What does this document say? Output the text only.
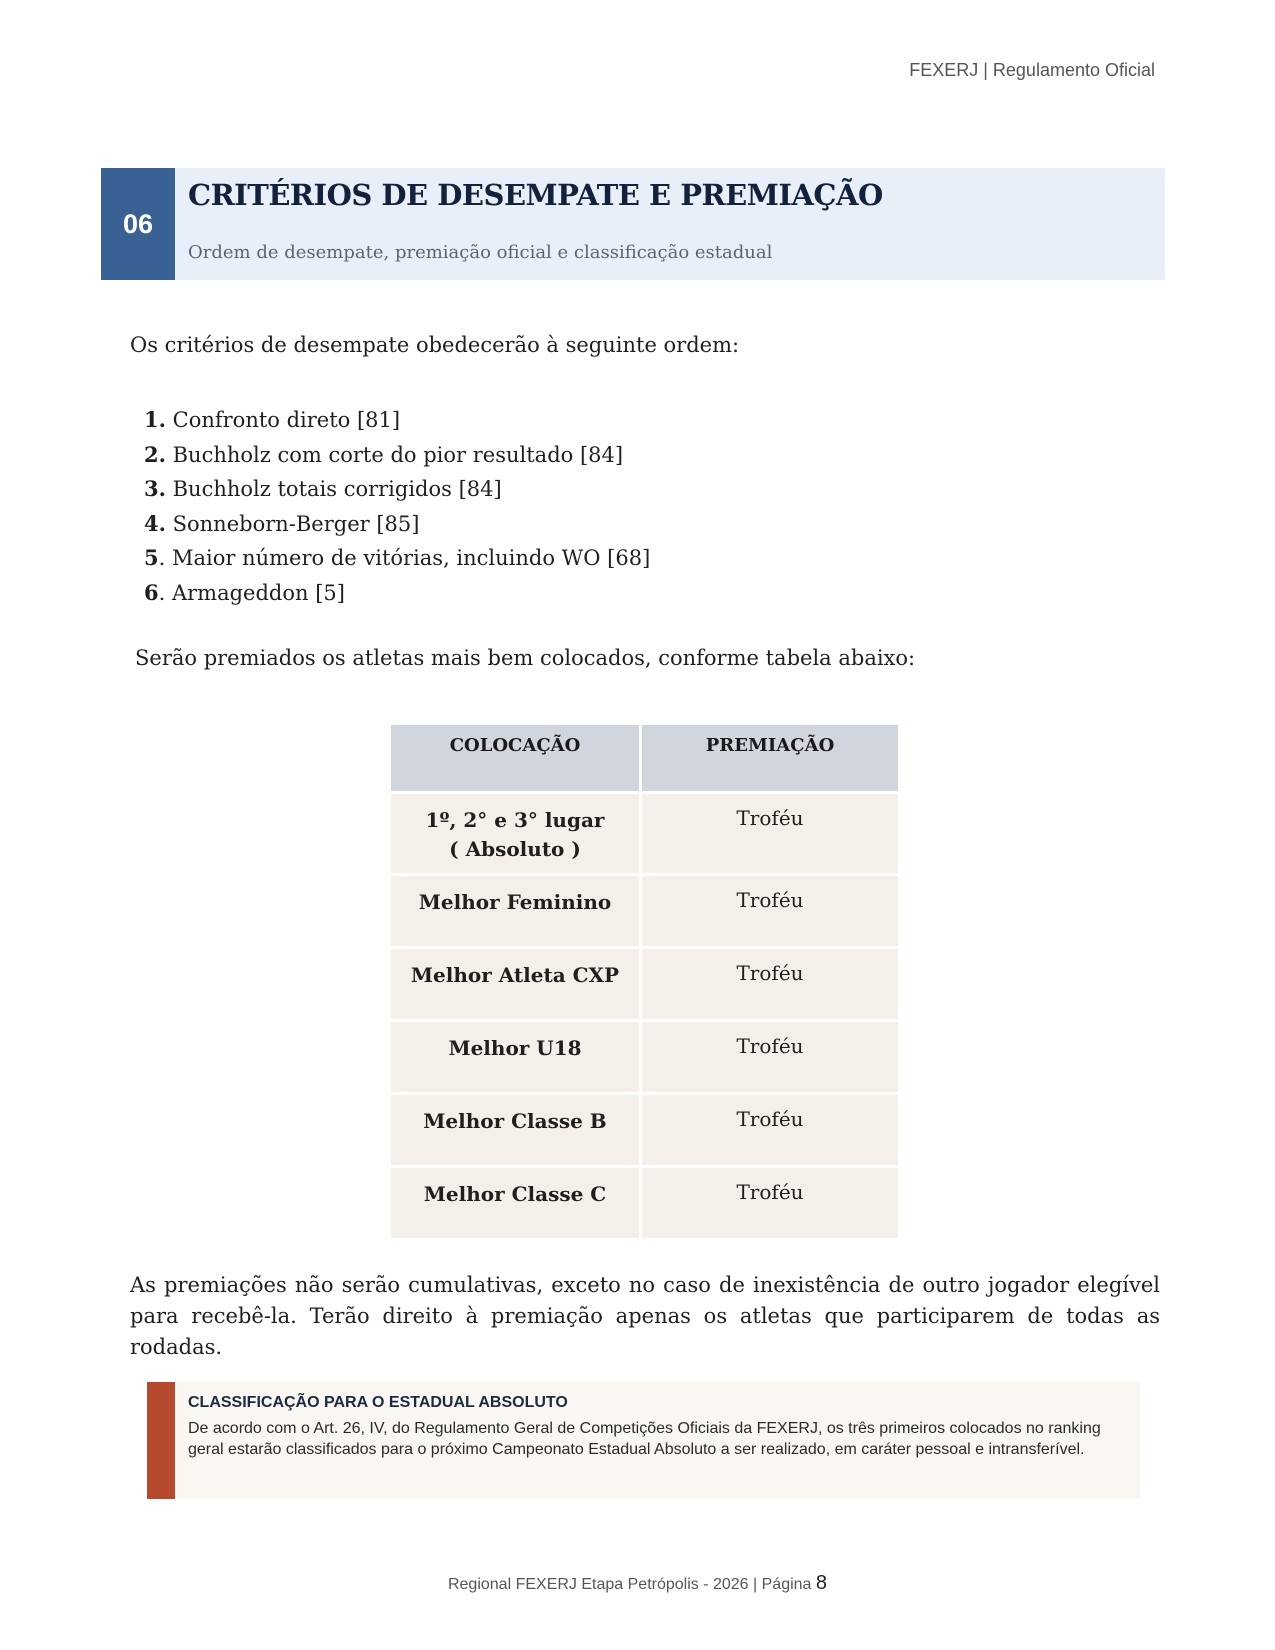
FEXERJ | Regulamento Oficial
06
CRITÉRIOS DE DESEMPATE E PREMIAÇÃO
Ordem de desempate, premiação oficial e classificação estadual
Os critérios de desempate obedecerão à seguinte ordem:
1. Confronto direto [81]
2. Buchholz com corte do pior resultado [84]
3. Buchholz totais corrigidos [84]
4. Sonneborn-Berger [85]
5. Maior número de vitórias, incluindo WO [68]
6. Armageddon [5]
Serão premiados os atletas mais bem colocados, conforme tabela abaixo:
COLOCAÇÃO	PREMIAÇÃO
1º, 2° e 3° lugar
( Absoluto )	Troféu
Melhor Feminino	Troféu
Melhor Atleta CXP	Troféu
Melhor U18	Troféu
Melhor Classe B	Troféu
Melhor Classe C	Troféu
As premiações não serão cumulativas, exceto no caso de inexistência de outro jogador elegível para recebê-la. Terão direito à premiação apenas os atletas que participarem de todas as rodadas.
CLASSIFICAÇÃO PARA O ESTADUAL ABSOLUTO
De acordo com o Art. 26, IV, do Regulamento Geral de Competições Oficiais da FEXERJ, os três primeiros colocados no ranking geral estarão classificados para o próximo Campeonato Estadual Absoluto a ser realizado, em caráter pessoal e intransferível.
Regional FEXERJ Etapa Petrópolis - 2026 | Página 8
